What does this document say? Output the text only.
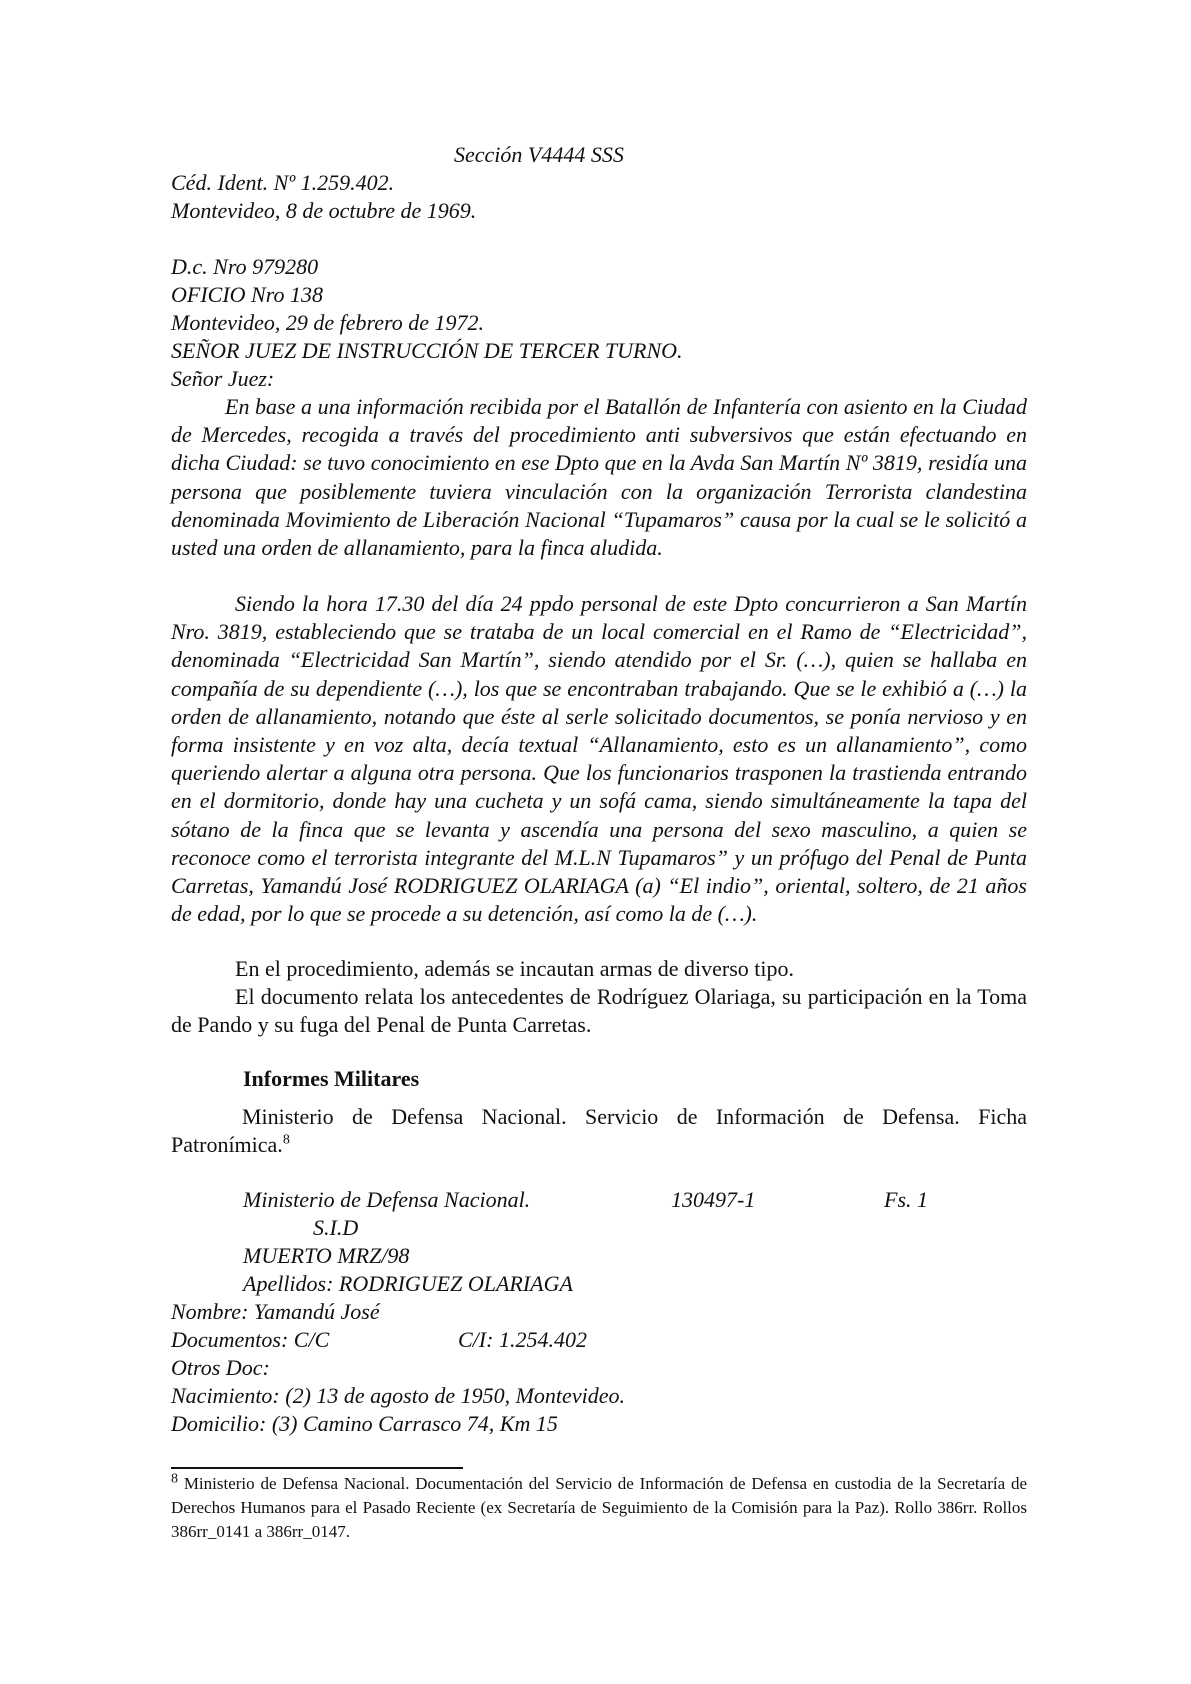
Sección V4444 SSS

Céd. Ident. Nº 1.259.402.

Montevideo, 8 de octubre de 1969.

D.c. Nro 979280

OFICIO Nro 138

Montevideo, 29 de febrero de 1972.

SEÑOR JUEZ DE INSTRUCCIÓN DE TERCER TURNO.

Señor Juez:

En base a una información recibida por el Batallón de Infantería con asiento en la Ciudad de Mercedes, recogida a través del procedimiento anti subversivos que están efectuando en dicha Ciudad: se tuvo conocimiento en ese Dpto que en la Avda San Martín Nº 3819, residía una persona que posiblemente tuviera vinculación con la organización Terrorista clandestina denominada Movimiento de Liberación Nacional “Tupamaros” causa por la cual se le solicitó a usted una orden de allanamiento, para la finca aludida.

Siendo la hora 17.30 del día 24 ppdo personal de este Dpto concurrieron a San Martín Nro. 3819, estableciendo que se trataba de un local comercial en el Ramo de “Electricidad”, denominada “Electricidad San Martín”, siendo atendido por el Sr. (…), quien se hallaba en compañía de su dependiente (…), los que se encontraban trabajando. Que se le exhibió a (…) la orden de allanamiento, notando que éste al serle solicitado documentos, se ponía nervioso y en forma insistente y en voz alta, decía textual “Allanamiento, esto es un allanamiento”, como queriendo alertar a alguna otra persona. Que los funcionarios trasponen la trastienda entrando en el dormitorio, donde hay una cucheta y un sofá cama, siendo simultáneamente la tapa del sótano de la finca que se levanta y ascendía una persona del sexo masculino, a quien se reconoce como el terrorista integrante del M.L.N Tupamaros” y un prófugo del Penal de Punta Carretas, Yamandú José RODRIGUEZ OLARIAGA (a) “El indio”, oriental, soltero, de 21 años de edad, por lo que se procede a su detención, así como la de (…).

En el procedimiento, además se incautan armas de diverso tipo.

El documento relata los antecedentes de Rodríguez Olariaga, su participación en la Toma de Pando y su fuga del Penal de Punta Carretas.

Informes Militares

Ministerio de Defensa Nacional. Servicio de Información de Defensa. Ficha Patronímica.$^8$

Ministerio de Defensa Nacional.	130497-1	Fs. 1

S.I.D

MUERTO MRZ/98

Apellidos: RODRIGUEZ OLARIAGA

Nombre: Yamandú José

Documentos: C/C	C/I: 1.254.402

Otros Doc:

Nacimiento: (2) 13 de agosto de 1950, Montevideo.

Domicilio: (3) Camino Carrasco 74, Km 15

$^8$ Ministerio de Defensa Nacional. Documentación del Servicio de Información de Defensa en custodia de la Secretaría de Derechos Humanos para el Pasado Reciente (ex Secretaría de Seguimiento de la Comisión para la Paz). Rollo 386rr. Rollos 386rr_0141 a 386rr_0147.
